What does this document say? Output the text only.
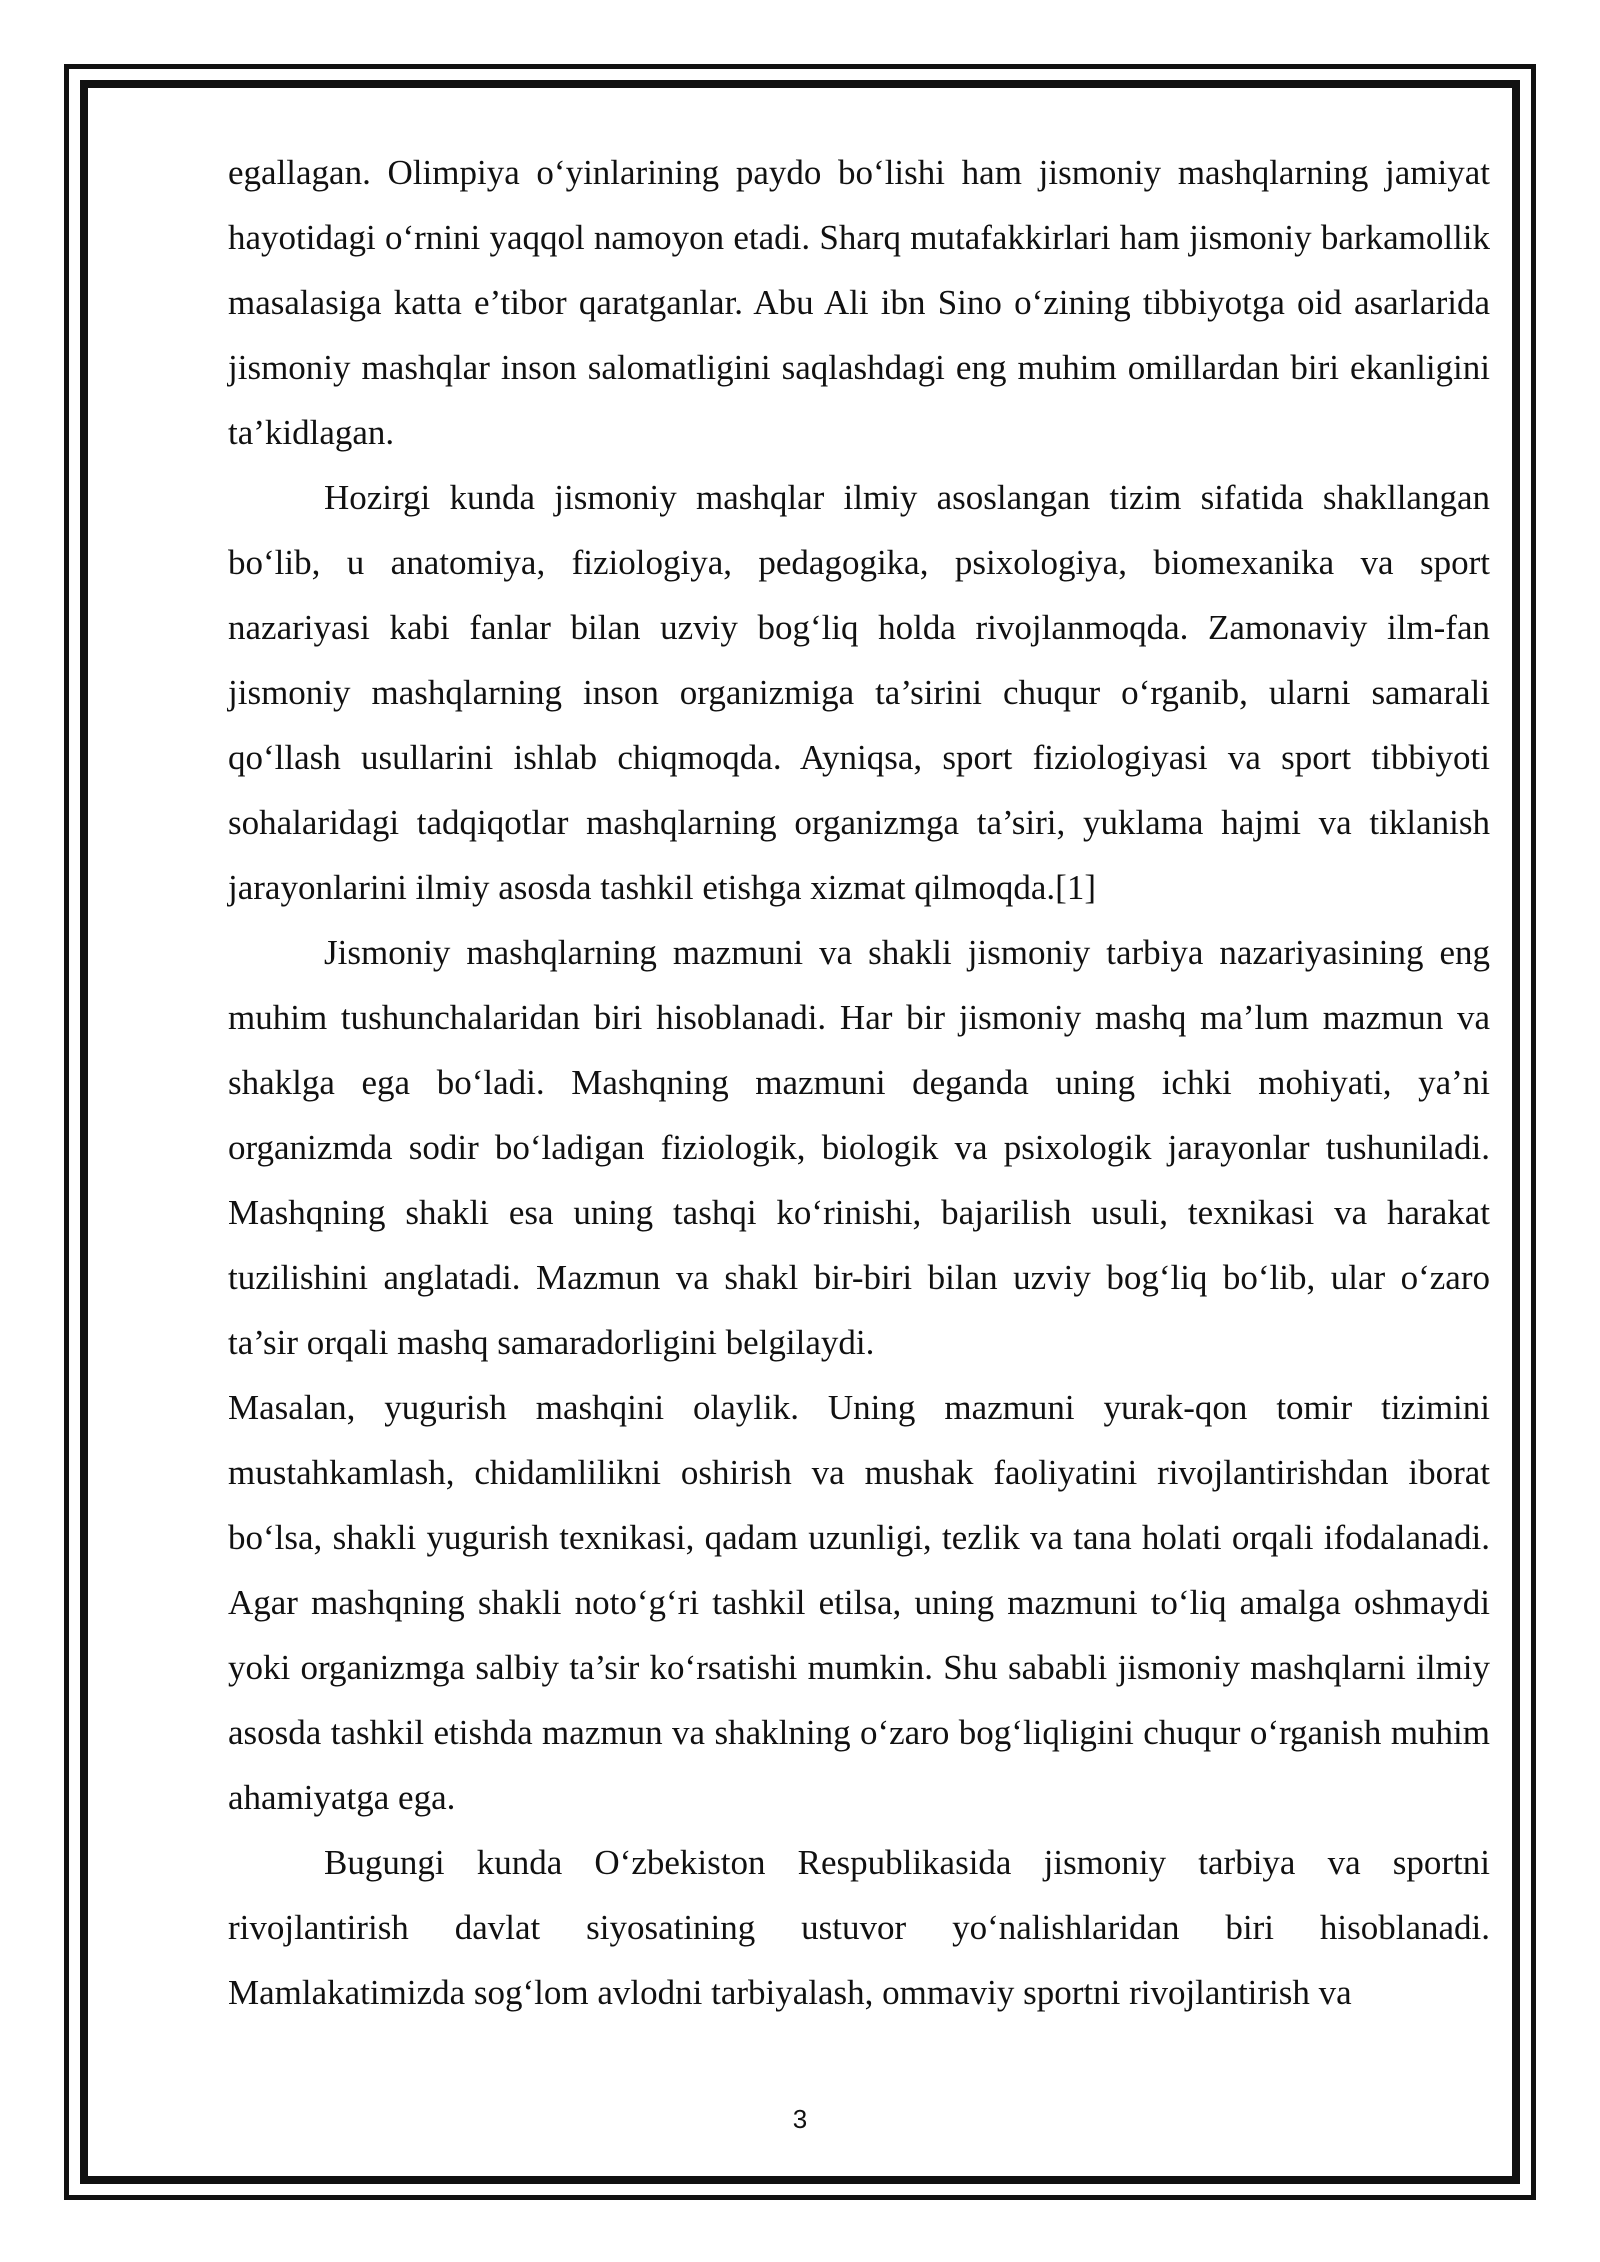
egallagan. Olimpiya o‘yinlarining paydo bo‘lishi ham jismoniy mashqlarning jamiyat hayotidagi o‘rnini yaqqol namoyon etadi. Sharq mutafakkirlari ham jismoniy barkamollik masalasiga katta e’tibor qaratganlar. Abu Ali ibn Sino o‘zining tibbiyotga oid asarlarida jismoniy mashqlar inson salomatligini saqlashdagi eng muhim omillardan biri ekanligini ta’kidlagan.

Hozirgi kunda jismoniy mashqlar ilmiy asoslangan tizim sifatida shakllangan bo‘lib, u anatomiya, fiziologiya, pedagogika, psixologiya, biomexanika va sport nazariyasi kabi fanlar bilan uzviy bog‘liq holda rivojlanmoqda. Zamonaviy ilm-fan jismoniy mashqlarning inson organizmiga ta’sirini chuqur o‘rganib, ularni samarali qo‘llash usullarini ishlab chiqmoqda. Ayniqsa, sport fiziologiyasi va sport tibbiyoti sohalaridagi tadqiqotlar mashqlarning organizmga ta’siri, yuklama hajmi va tiklanish jarayonlarini ilmiy asosda tashkil etishga xizmat qilmoqda.[1]

Jismoniy mashqlarning mazmuni va shakli jismoniy tarbiya nazariyasining eng muhim tushunchalaridan biri hisoblanadi. Har bir jismoniy mashq ma’lum mazmun va shaklga ega bo‘ladi. Mashqning mazmuni deganda uning ichki mohiyati, ya’ni organizmda sodir bo‘ladigan fiziologik, biologik va psixologik jarayonlar tushuniladi. Mashqning shakli esa uning tashqi ko‘rinishi, bajarilish usuli, texnikasi va harakat tuzilishini anglatadi. Mazmun va shakl bir-biri bilan uzviy bog‘liq bo‘lib, ular o‘zaro ta’sir orqali mashq samaradorligini belgilaydi.

Masalan, yugurish mashqini olaylik. Uning mazmuni yurak-qon tomir tizimini mustahkamlash, chidamlilikni oshirish va mushak faoliyatini rivojlantirishdan iborat bo‘lsa, shakli yugurish texnikasi, qadam uzunligi, tezlik va tana holati orqali ifodalanadi. Agar mashqning shakli noto‘g‘ri tashkil etilsa, uning mazmuni to‘liq amalga oshmaydi yoki organizmga salbiy ta’sir ko‘rsatishi mumkin. Shu sababli jismoniy mashqlarni ilmiy asosda tashkil etishda mazmun va shaklning o‘zaro bog‘liqligini chuqur o‘rganish muhim ahamiyatga ega.

Bugungi kunda O‘zbekiston Respublikasida jismoniy tarbiya va sportni rivojlantirish davlat siyosatining ustuvor yo‘nalishlaridan biri hisoblanadi. Mamlakatimizda sog‘lom avlodni tarbiyalash, ommaviy sportni rivojlantirish va

3
